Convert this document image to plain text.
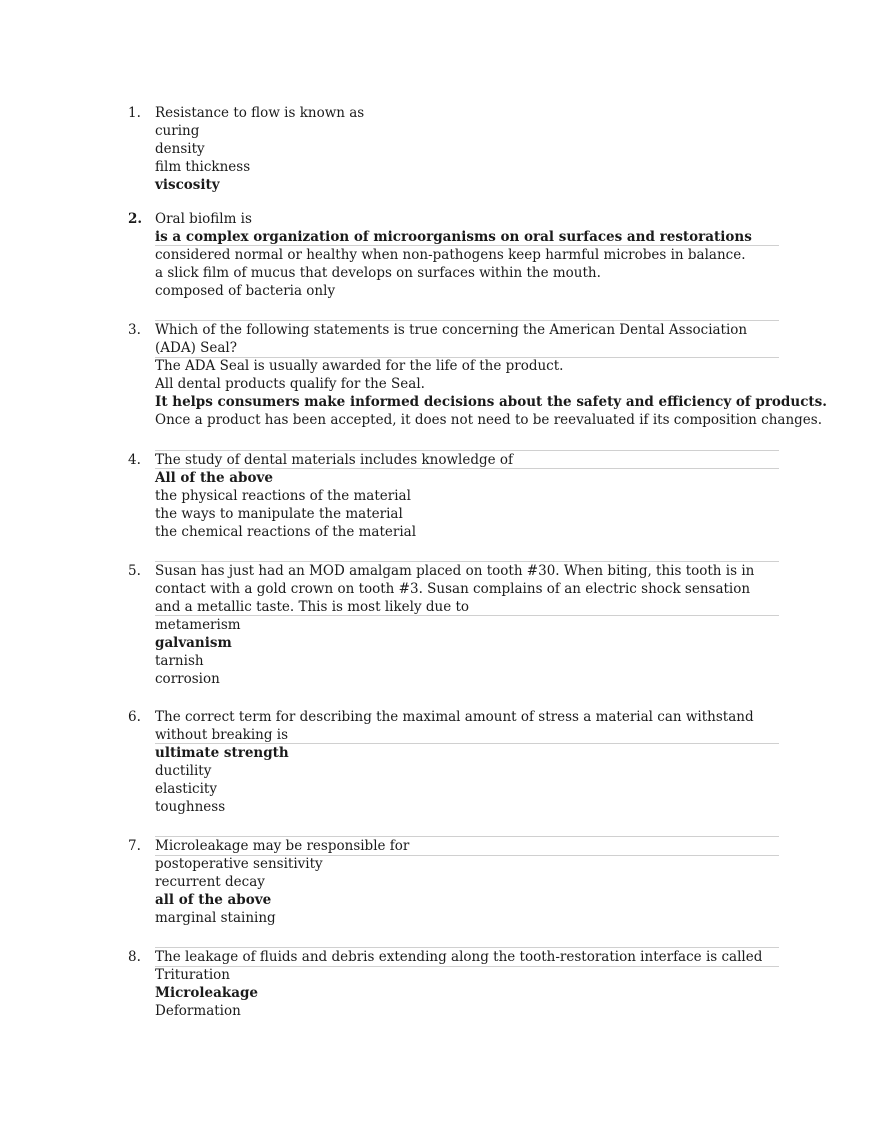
1.	Resistance to flow is known as
curing
density
film thickness
viscosity
2. Oral biofilm is
is a complex organization of microorganisms on oral surfaces and restorations
considered normal or healthy when non-pathogens keep harmful microbes in balance.
a slick film of mucus that develops on surfaces within the mouth.
composed of bacteria only
3.	Which of the following statements is true concerning the American Dental Association (ADA) Seal?
The ADA Seal is usually awarded for the life of the product.
All dental products qualify for the Seal.
It helps consumers make informed decisions about the safety and efficiency of products.
Once a product has been accepted, it does not need to be reevaluated if its composition changes.
4.	The study of dental materials includes knowledge of
All of the above
the physical reactions of the material
the ways to manipulate the material
the chemical reactions of the material
5.	Susan has just had an MOD amalgam placed on tooth #30. When biting, this tooth is in contact with a gold crown on tooth #3. Susan complains of an electric shock sensation and a metallic taste. This is most likely due to
metamerism
galvanism
tarnish
corrosion
6.	The correct term for describing the maximal amount of stress a material can withstand without breaking is
ultimate strength
ductility
elasticity
toughness
7.	Microleakage may be responsible for
postoperative sensitivity
recurrent decay
all of the above
marginal staining
8.	The leakage of fluids and debris extending along the tooth-restoration interface is called
Trituration
Microleakage
Deformation
